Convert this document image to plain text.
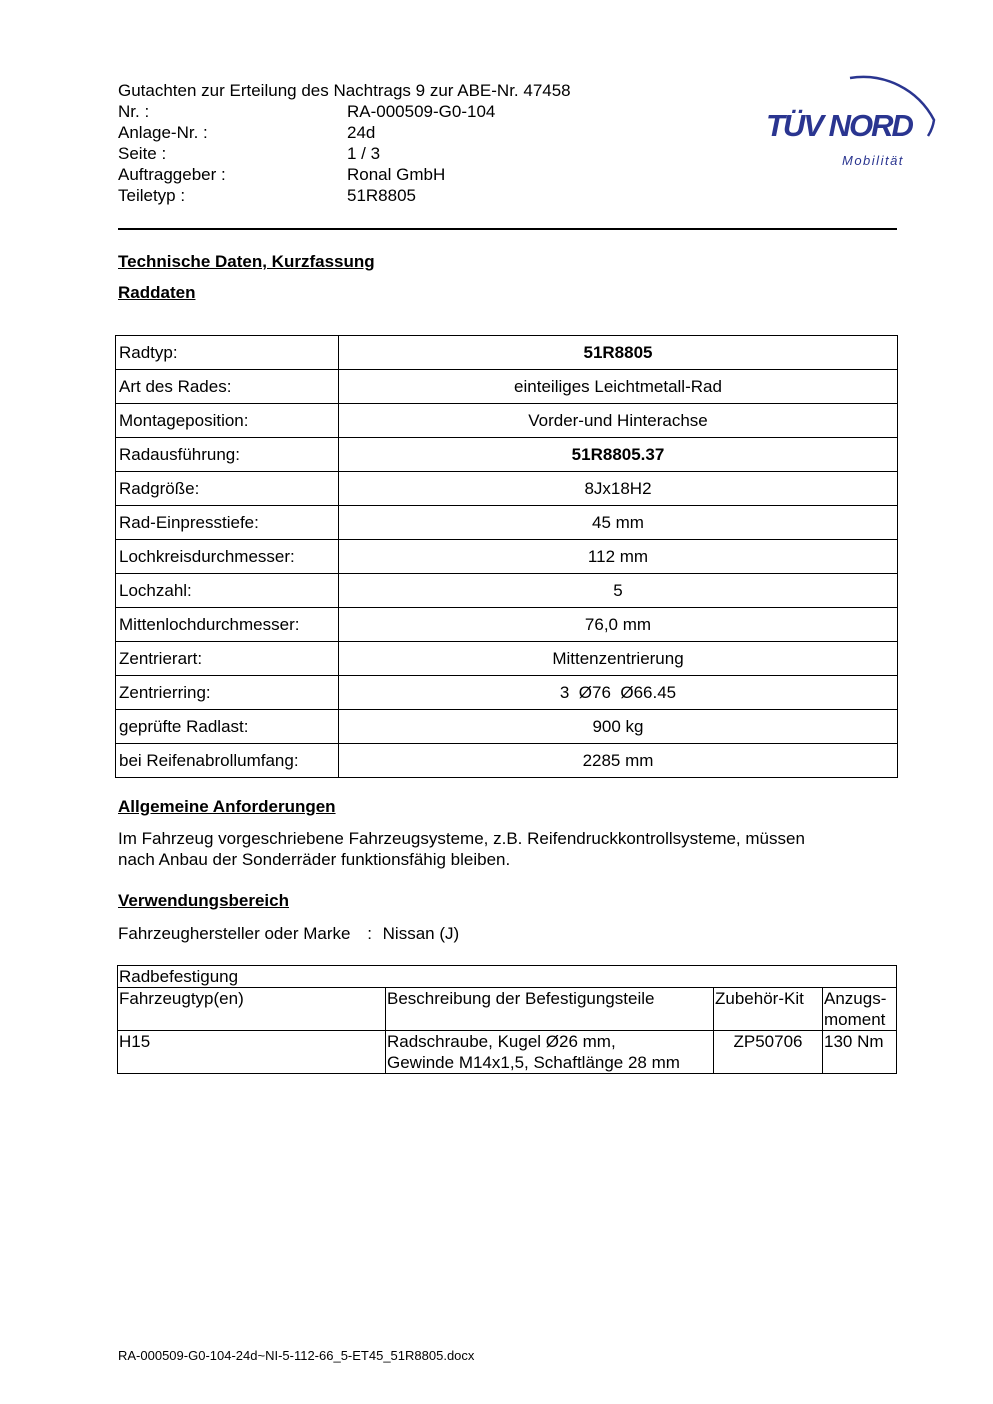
Gutachten zur Erteilung des Nachtrags 9 zur ABE-Nr. 47458
Nr. :	RA-000509-G0-104
Anlage-Nr. :	24d
Seite :	1 / 3
Auftraggeber :	Ronal GmbH
Teiletyp :	51R8805
TÜV NORD
Mobilität
Technische Daten, Kurzfassung
Raddaten
Radtyp:	51R8805
Art des Rades:	einteiliges Leichtmetall-Rad
Montageposition:	Vorder-und Hinterachse
Radausführung:	51R8805.37
Radgröße:	8Jx18H2
Rad-Einpresstiefe:	45 mm
Lochkreisdurchmesser:	112 mm
Lochzahl:	5
Mittenlochdurchmesser:	76,0 mm
Zentrierart:	Mittenzentrierung
Zentrierring:	3  Ø76  Ø66.45
geprüfte Radlast:	900 kg
bei Reifenabrollumfang:	2285 mm
Allgemeine Anforderungen
Im Fahrzeug vorgeschriebene Fahrzeugsysteme, z.B. Reifendruckkontrollsysteme, müssen
nach Anbau der Sonderräder funktionsfähig bleiben.
Verwendungsbereich
Fahrzeughersteller oder Marke : Nissan (J)
Radbefestigung			
Fahrzeugtyp(en)	Beschreibung der Befestigungsteile	Zubehör-Kit	Anzugs-
moment

H15	Radschraube, Kugel Ø26 mm,
Gewinde M14x1,5, Schaftlänge 28 mm	ZP50706	130 Nm
RA-000509-G0-104-24d~NI-5-112-66_5-ET45_51R8805.docx
